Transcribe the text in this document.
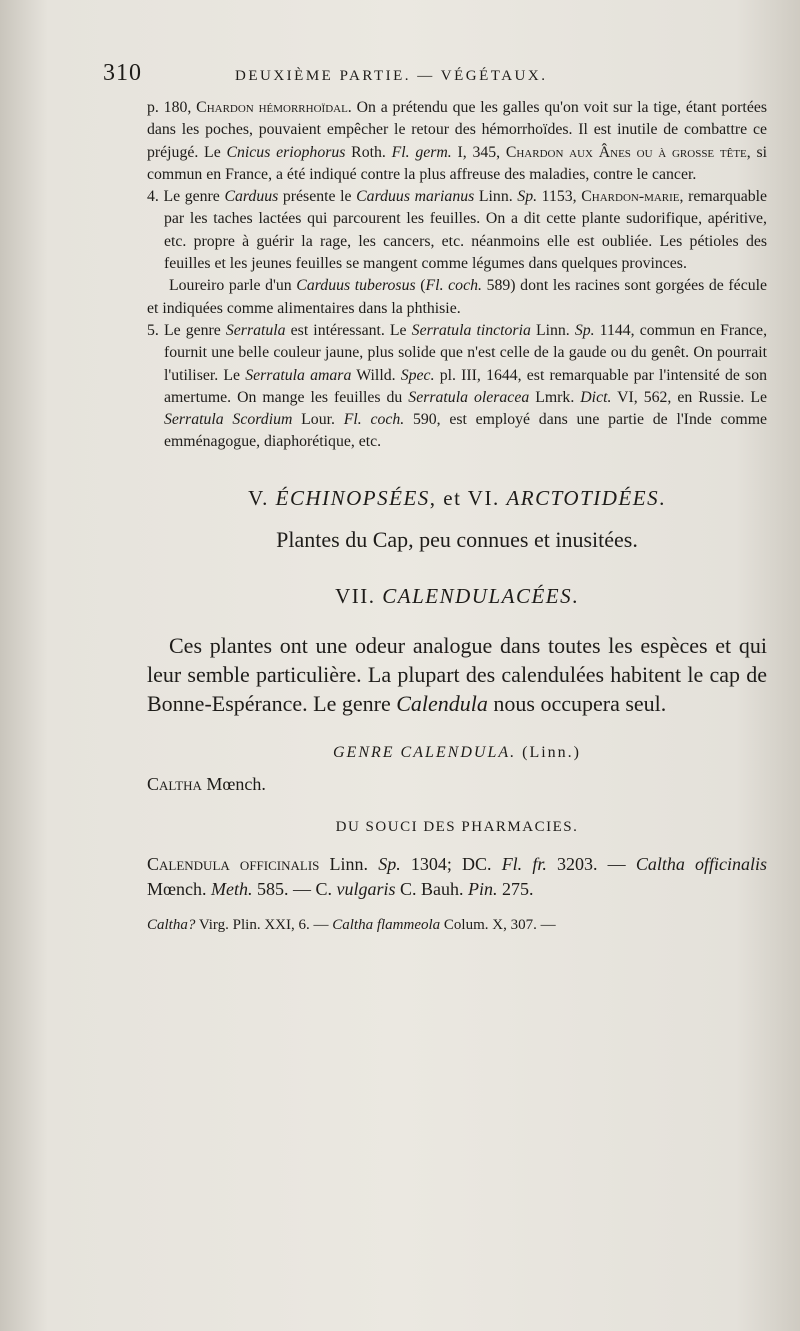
310	DEUXIÈME PARTIE. — VÉGÉTAUX.

p. 180, Chardon hémorrhoïdal. On a prétendu que les galles qu'on voit sur la tige, étant portées dans les poches, pouvaient empêcher le retour des hémorrhoïdes. Il est inutile de combattre ce préjugé. Le Cnicus eriophorus Roth. Fl. germ. I, 345, Chardon aux Ânes ou à grosse tête, si commun en France, a été indiqué contre la plus affreuse des maladies, contre le cancer.

4. Le genre Carduus présente le Carduus marianus Linn. Sp. 1153, Chardon-marie, remarquable par les taches lactées qui parcourent les feuilles. On a dit cette plante sudorifique, apéritive, etc. propre à guérir la rage, les cancers, etc. néanmoins elle est oubliée. Les pétioles des feuilles et les jeunes feuilles se mangent comme légumes dans quelques provinces.

Loureiro parle d'un Carduus tuberosus (Fl. coch. 589) dont les racines sont gorgées de fécule et indiquées comme alimentaires dans la phthisie.

5. Le genre Serratula est intéressant. Le Serratula tinctoria Linn. Sp. 1144, commun en France, fournit une belle couleur jaune, plus solide que n'est celle de la gaude ou du genêt. On pourrait l'utiliser. Le Serratula amara Willd. Spec. pl. III, 1644, est remarquable par l'intensité de son amertume. On mange les feuilles du Serratula oleracea Lmrk. Dict. VI, 562, en Russie. Le Serratula Scordium Lour. Fl. coch. 590, est employé dans une partie de l'Inde comme emménagogue, diaphorétique, etc.

V. ÉCHINOPSÉES, et VI. ARCTOTIDÉES.
Plantes du Cap, peu connues et inusitées.
VII. CALENDULACÉES.

Ces plantes ont une odeur analogue dans toutes les espèces et qui leur semble particulière. La plupart des calendulées habitent le cap de Bonne-Espérance. Le genre Calendula nous occupera seul.

GENRE CALENDULA. (Linn.)

Caltha Mœnch.

DU SOUCI DES PHARMACIES.

Calendula officinalis Linn. Sp. 1304; DC. Fl. fr. 3203. — Caltha officinalis Mœnch. Meth. 585. — C. vulgaris C. Bauh. Pin. 275.

Caltha? Virg. Plin. XXI, 6. — Caltha flammeola Colum. X, 307. —
